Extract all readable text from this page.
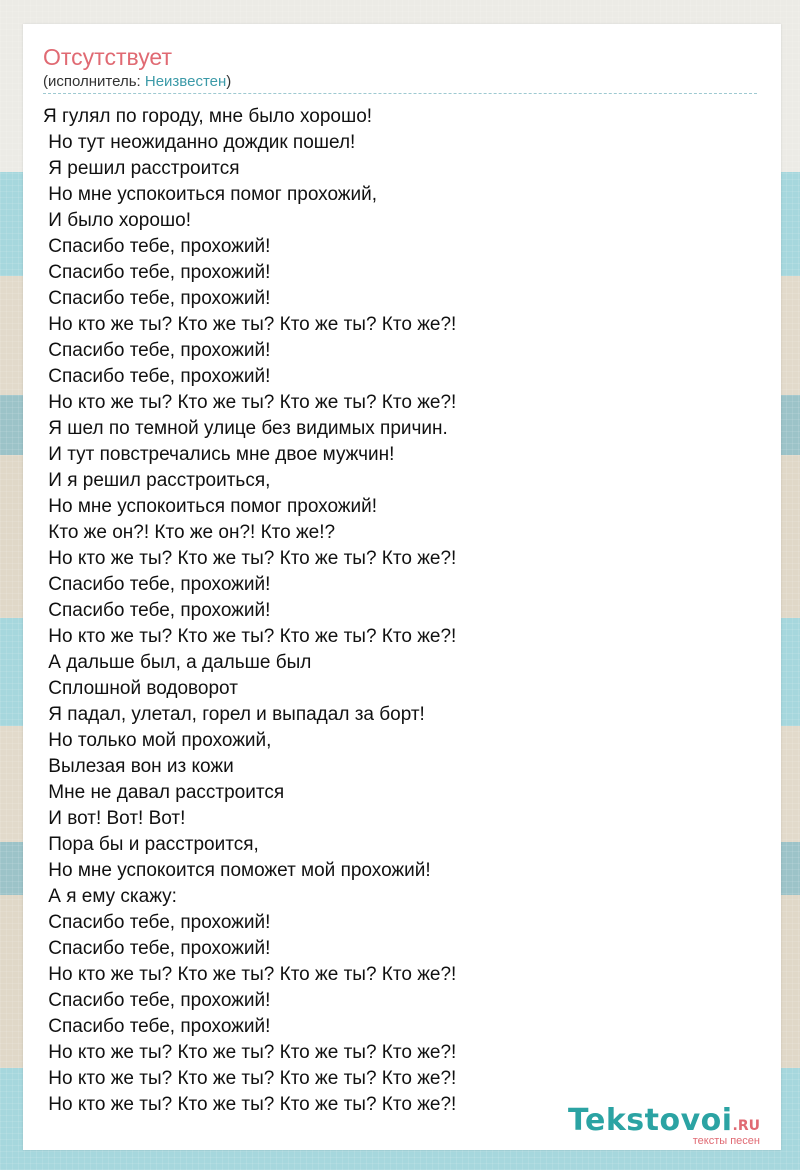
Отсутствует
(исполнитель: Неизвестен)
Я гулял по городу, мне было хорошо!
Но тут неожиданно дождик пошел!
Я решил расстроится
Но мне успокоиться помог прохожий,
И было хорошо!
Спасибо тебе, прохожий!
Спасибо тебе, прохожий!
Спасибо тебе, прохожий!
Но кто же ты? Кто же ты? Кто же ты? Кто же?!
Спасибо тебе, прохожий!
Спасибо тебе, прохожий!
Но кто же ты? Кто же ты? Кто же ты? Кто же?!
Я шел по темной улице без видимых причин.
И тут повстречались мне двое мужчин!
И я решил расстроиться,
Но мне успокоиться помог прохожий!
Кто же он?! Кто же он?! Кто же!?
Но кто же ты? Кто же ты? Кто же ты? Кто же?!
Спасибо тебе, прохожий!
Спасибо тебе, прохожий!
Но кто же ты? Кто же ты? Кто же ты? Кто же?!
А дальше был, а дальше был
Сплошной водоворот
Я падал, улетал, горел и выпадал за борт!
Но только мой прохожий,
Вылезая вон из кожи
Мне не давал расстроится
И вот! Вот! Вот!
Пора бы и расстроится,
Но мне успокоится поможет мой прохожий!
А я ему скажу:
Спасибо тебе, прохожий!
Спасибо тебе, прохожий!
Но кто же ты? Кто же ты? Кто же ты? Кто же?!
Спасибо тебе, прохожий!
Спасибо тебе, прохожий!
Но кто же ты? Кто же ты? Кто же ты? Кто же?!
Но кто же ты? Кто же ты? Кто же ты? Кто же?!
Но кто же ты? Кто же ты? Кто же ты? Кто же?!	Tekstovoi.RU
тексты песен
